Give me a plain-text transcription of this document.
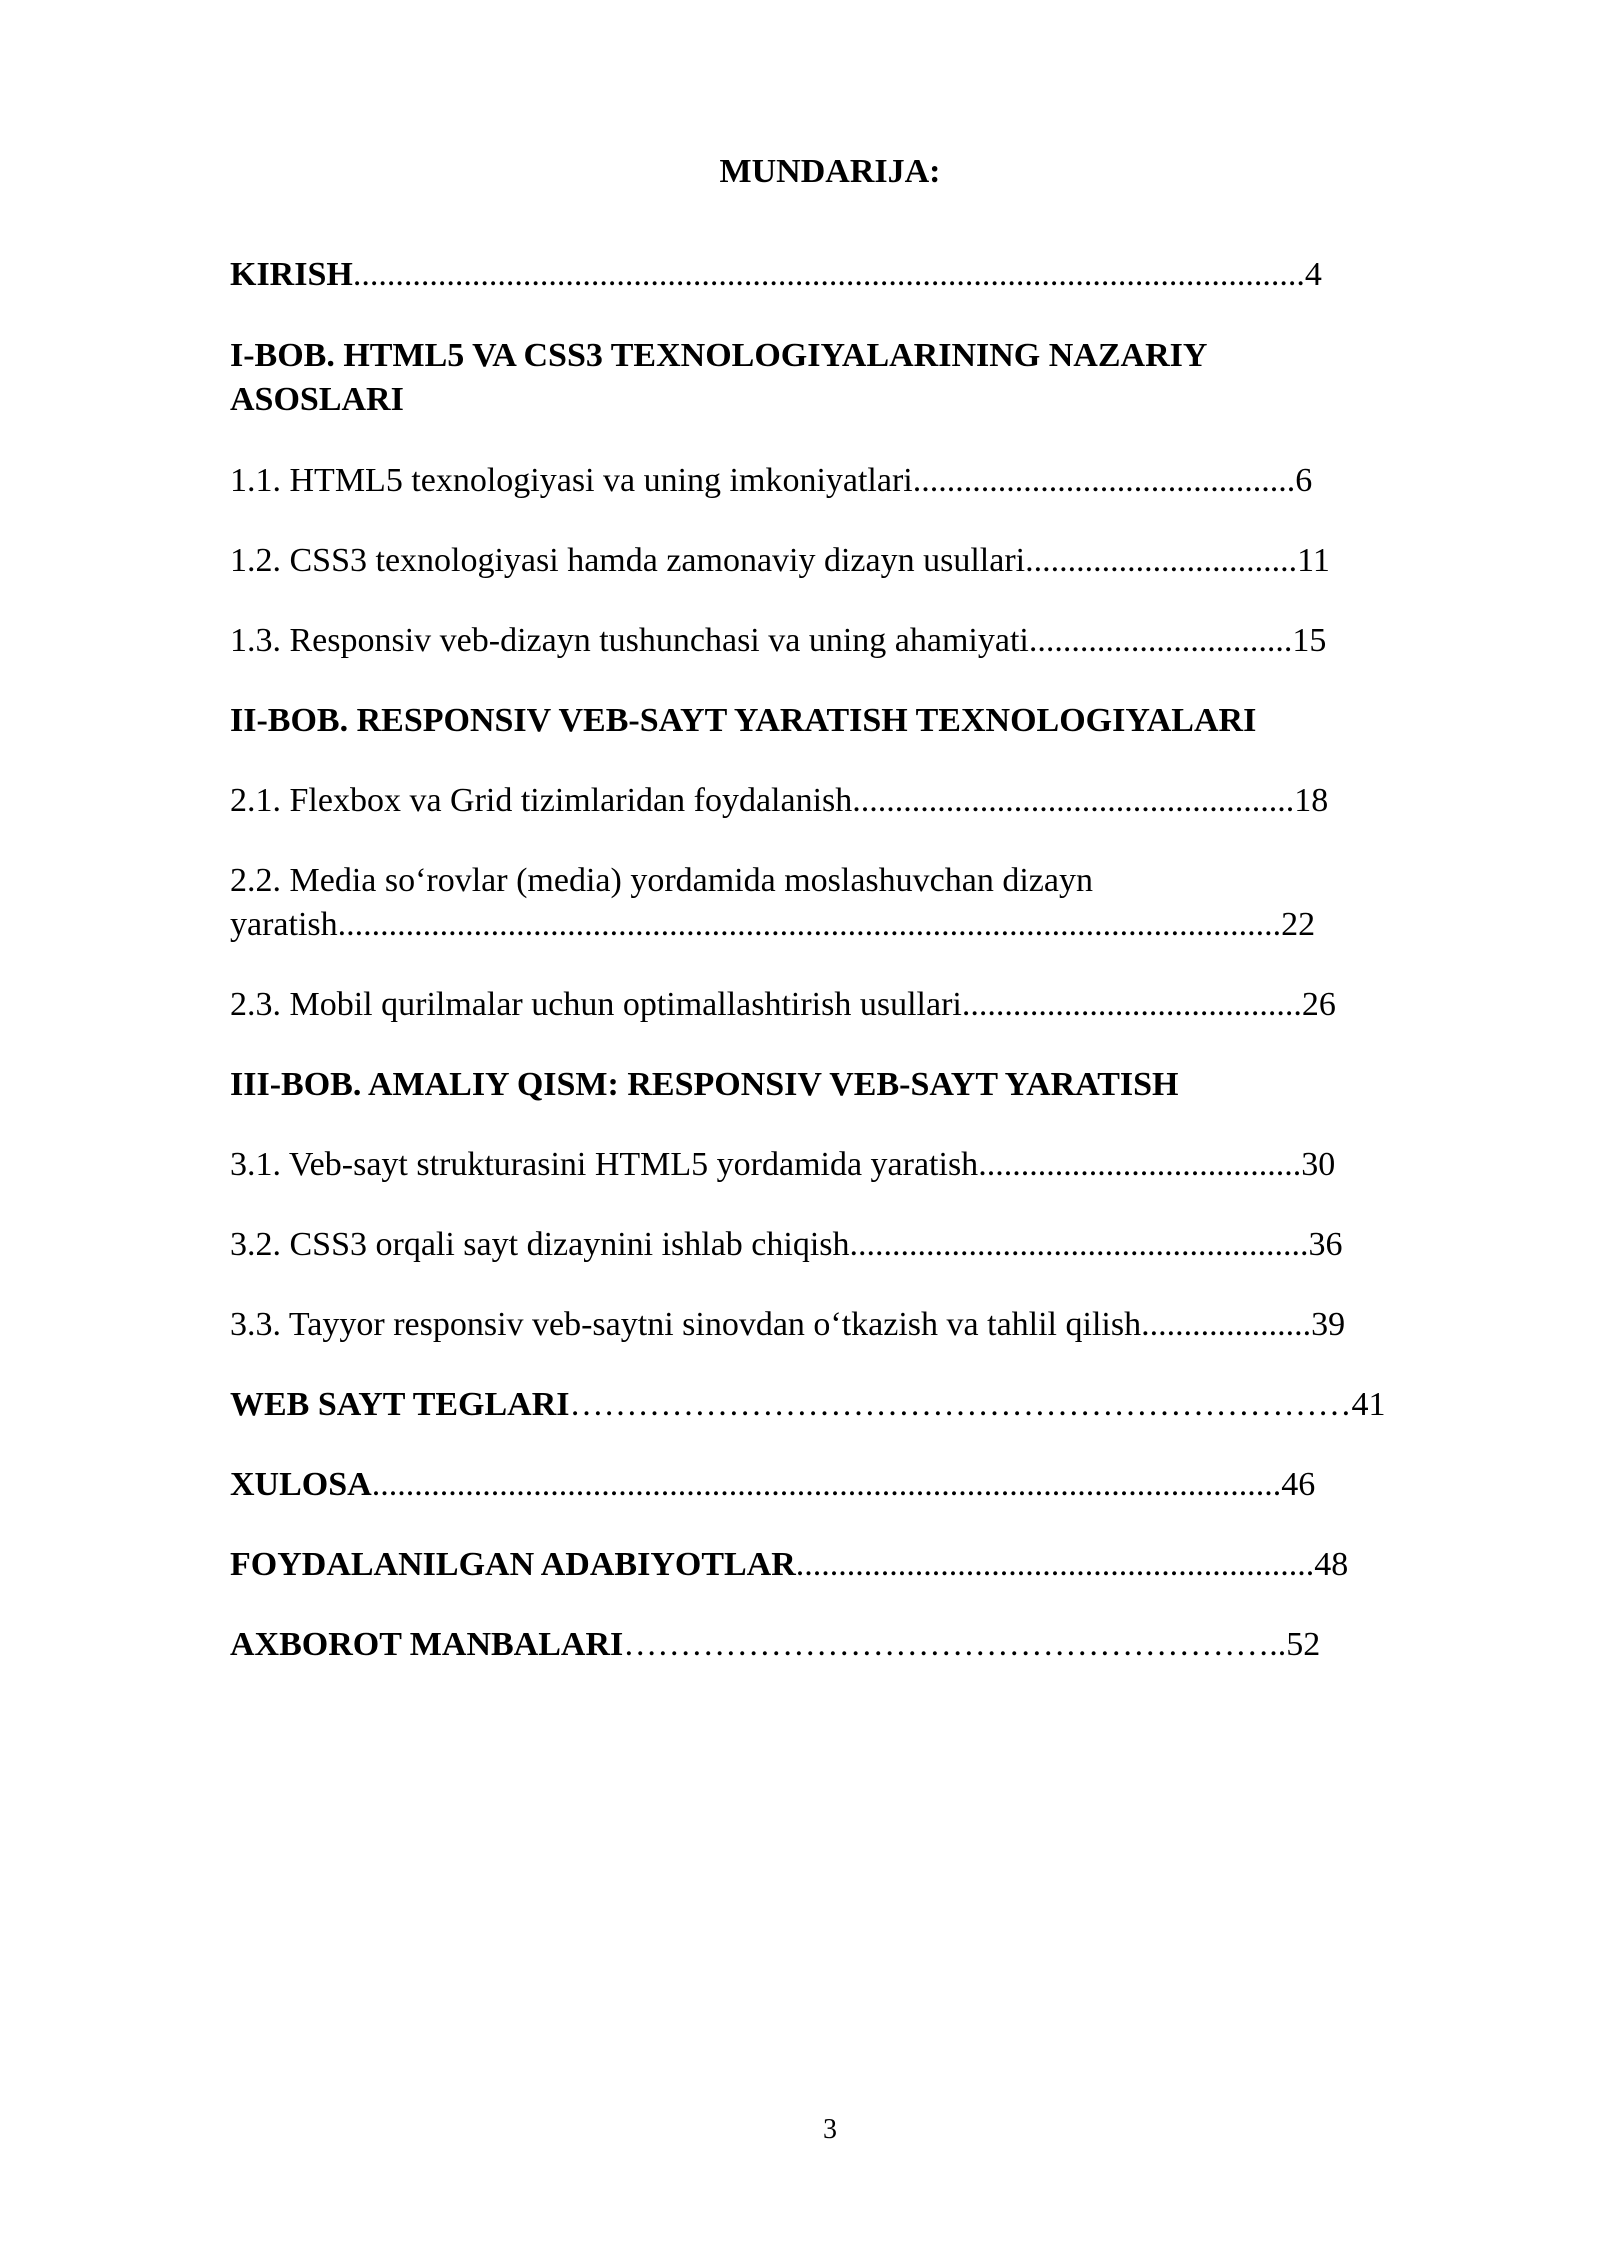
MUNDARIJA:
KIRISH................................................................................................................4
I-BOB. HTML5 VA CSS3 TEXNOLOGIYALARINING NAZARIY ASOSLARI
1.1. HTML5 texnologiyasi va uning imkoniyatlari.............................................6
1.2. CSS3 texnologiyasi hamda zamonaviy dizayn usullari................................11
1.3. Responsiv veb-dizayn tushunchasi va uning ahamiyati...............................15
II-BOB. RESPONSIV VEB-SAYT YARATISH TEXNOLOGIYALARI
2.1. Flexbox va Grid tizimlaridan foydalanish....................................................18
2.2. Media so‘rovlar (media) yordamida moslashuvchan dizayn
yaratish...............................................................................................................22
2.3. Mobil qurilmalar uchun optimallashtirish usullari........................................26
III-BOB. AMALIY QISM: RESPONSIV VEB-SAYT YARATISH
3.1. Veb-sayt strukturasini HTML5 yordamida yaratish......................................30
3.2. CSS3 orqali sayt dizaynini ishlab chiqish......................................................36
3.3. Tayyor responsiv veb-saytni sinovdan o‘tkazish va tahlil qilish....................39
WEB SAYT TEGLARI……………………………………………………………41
XULOSA...........................................................................................................46
FOYDALANILGAN ADABIYOTLAR.............................................................48
AXBOROT MANBALARI…………………………………………………..52
3
